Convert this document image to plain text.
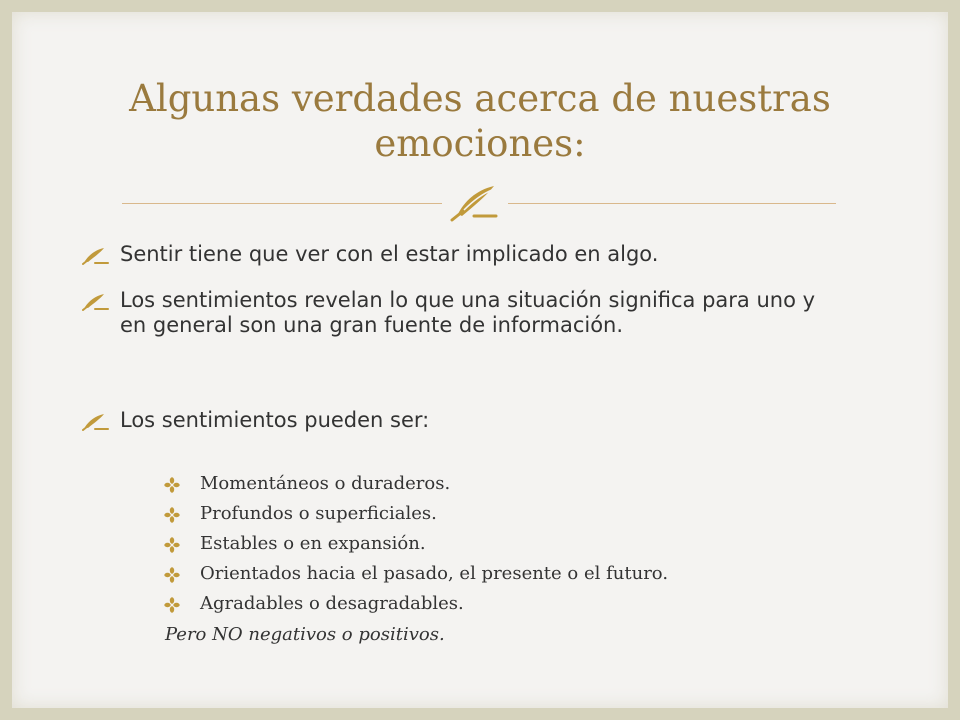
Algunas verdades acerca de nuestras emociones:
Sentir tiene que ver con el estar implicado en algo.
Los sentimientos revelan lo que una situación significa para uno y en general son una gran fuente de información.
Los sentimientos pueden ser:
Momentáneos o duraderos.
Profundos o superficiales.
Estables o en expansión.
Orientados hacia el pasado, el presente o el futuro.
Agradables o desagradables.
Pero NO negativos o positivos.
